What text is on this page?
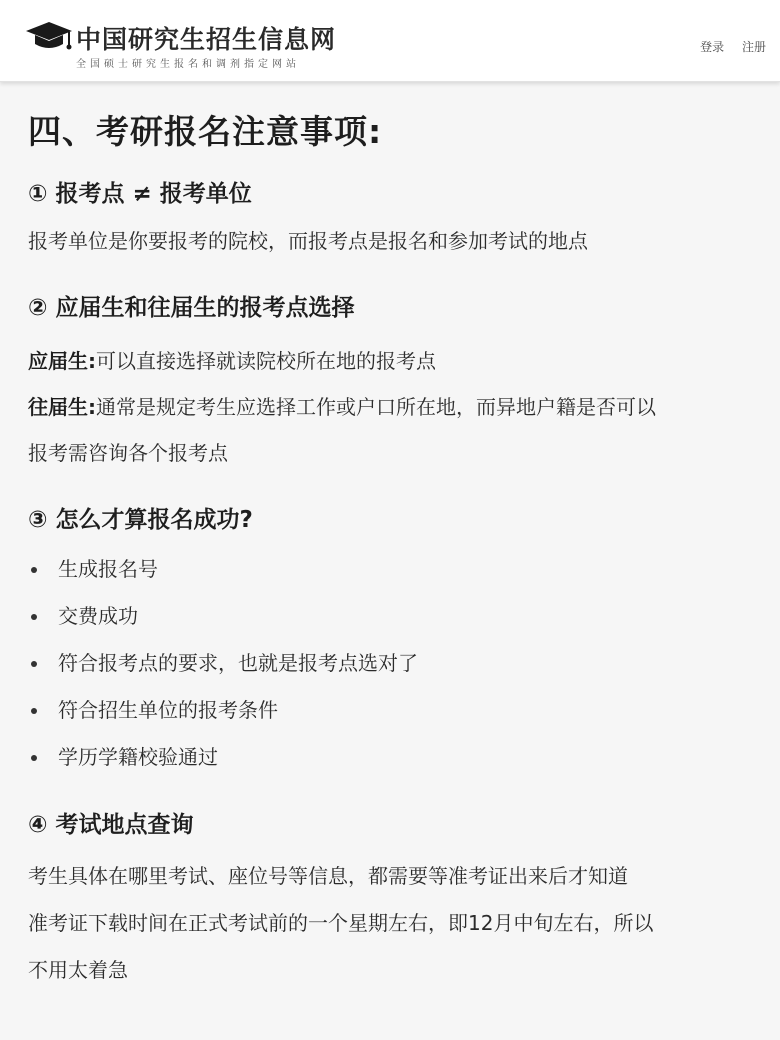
中国研究生招生信息网
全国硕士研究生报名和调剂指定网站
登录 注册
四、考研报名注意事项:
① 报考点 ≠ 报考单位
报考单位是你要报考的院校，而报考点是报名和参加考试的地点
② 应届生和往届生的报考点选择
应届生:可以直接选择就读院校所在地的报考点
往届生:通常是规定考生应选择工作或户口所在地，而异地户籍是否可以
报考需咨询各个报考点
③ 怎么才算报名成功?
生成报名号
交费成功
符合报考点的要求，也就是报考点选对了
符合招生单位的报考条件
学历学籍校验通过
④ 考试地点查询
考生具体在哪里考试、座位号等信息，都需要等准考证出来后才知道
准考证下载时间在正式考试前的一个星期左右，即12月中旬左右，所以
不用太着急
